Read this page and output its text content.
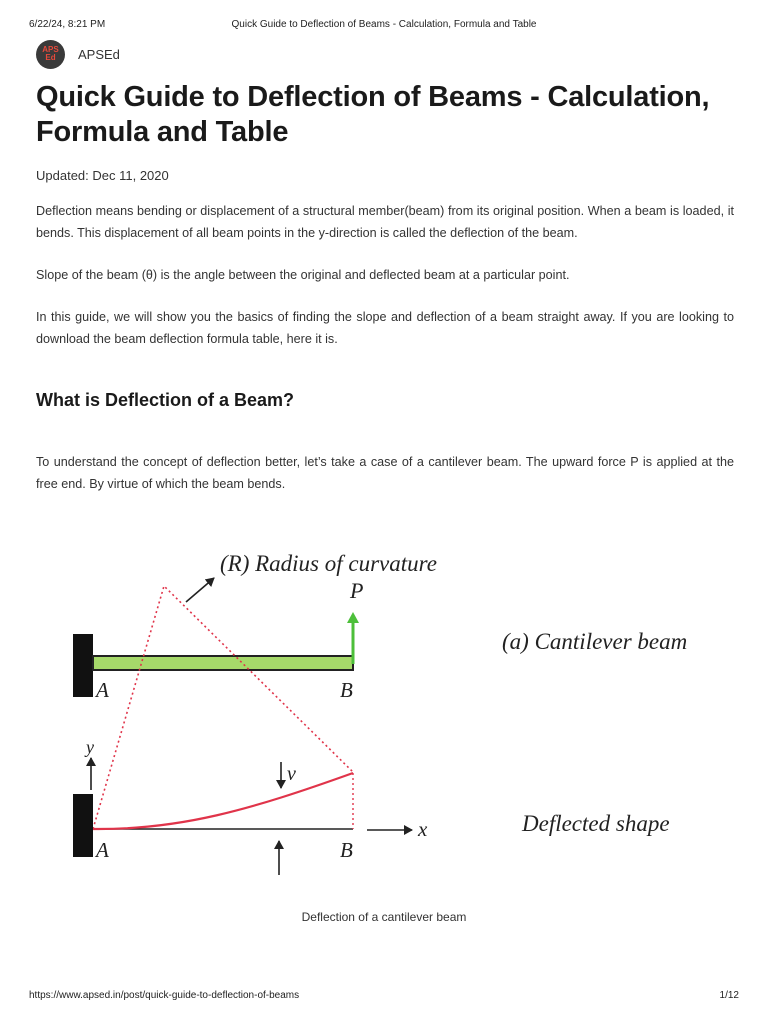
6/22/24, 8:21 PM	Quick Guide to Deflection of Beams - Calculation, Formula and Table
APS
Ed APSEd
Quick Guide to Deflection of Beams - Calculation, Formula and Table
Updated: Dec 11, 2020

Deflection means bending or displacement of a structural member(beam) from its original position. When a beam is loaded, it bends. This displacement of all beam points in the y-direction is called the deflection of the beam.

Slope of the beam (θ) is the angle between the original and deflected beam at a particular point.

In this guide, we will show you the basics of finding the slope and deflection of a beam straight away. If you are looking to download the beam deflection formula table, here it is.

What is Deflection of a Beam?

To understand the concept of deflection better, let’s take a case of a cantilever beam. The upward force P is applied at the free end. By virtue of which the beam bends.

P
A	B
(R) Radius of curvature
(a) Cantilever beam
y
v
x
A	B
Deflected shape
Deflection of a cantilever beam
https://www.apsed.in/post/quick-guide-to-deflection-of-beams	1/12
